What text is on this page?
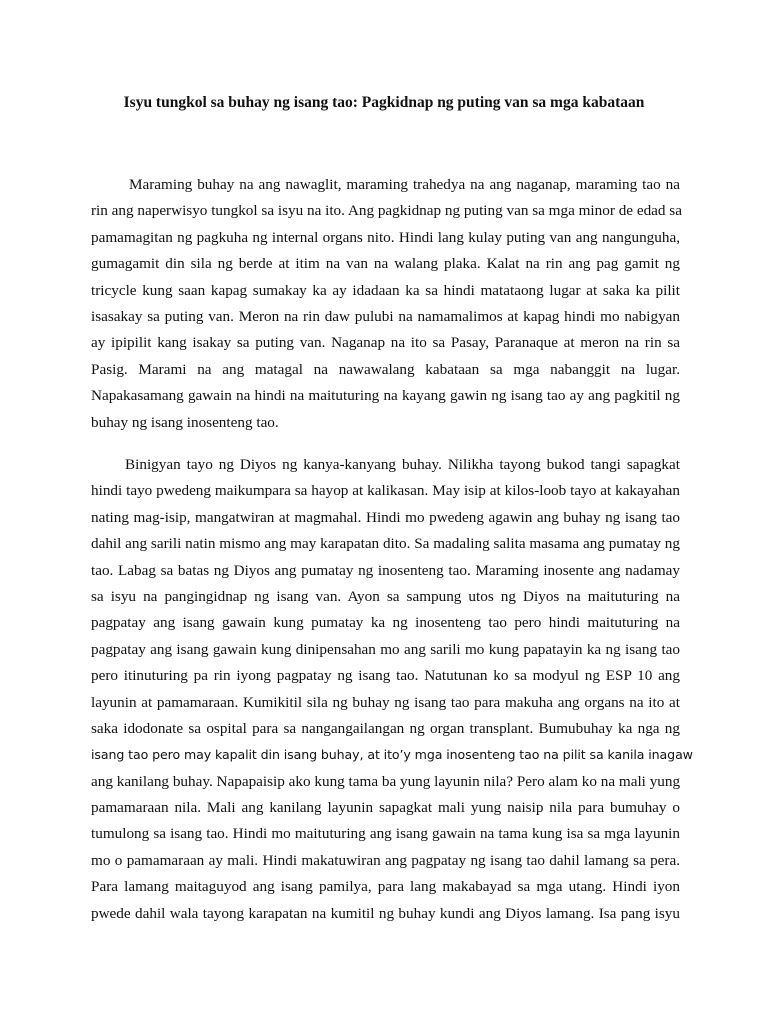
Isyu tungkol sa buhay ng isang tao: Pagkidnap ng puting van sa mga kabataan
Maraming buhay na ang nawaglit, maraming trahedya na ang naganap, maraming tao na
rin ang naperwisyo tungkol sa isyu na ito. Ang pagkidnap ng puting van sa mga minor de edad sa
pamamagitan ng pagkuha ng internal organs nito. Hindi lang kulay puting van ang nangunguha,
gumagamit din sila ng berde at itim na van na walang plaka. Kalat na rin ang pag gamit ng
tricycle kung saan kapag sumakay ka ay idadaan ka sa hindi matataong lugar at saka ka pilit
isasakay sa puting van. Meron na rin daw pulubi na namamalimos at kapag hindi mo nabigyan
ay ipipilit kang isakay sa puting van. Naganap na ito sa Pasay, Paranaque at meron na rin sa
Pasig. Marami na ang matagal na nawawalang kabataan sa mga nabanggit na lugar.
Napakasamang gawain na hindi na maituturing na kayang gawin ng isang tao ay ang pagkitil ng
buhay ng isang inosenteng tao.
Binigyan tayo ng Diyos ng kanya-kanyang buhay. Nilikha tayong bukod tangi sapagkat
hindi tayo pwedeng maikumpara sa hayop at kalikasan. May isip at kilos-loob tayo at kakayahan
nating mag-isip, mangatwiran at magmahal. Hindi mo pwedeng agawin ang buhay ng isang tao
dahil ang sarili natin mismo ang may karapatan dito. Sa madaling salita masama ang pumatay ng
tao. Labag sa batas ng Diyos ang pumatay ng inosenteng tao. Maraming inosente ang nadamay
sa isyu na pangingidnap ng isang van. Ayon sa sampung utos ng Diyos na maituturing na
pagpatay ang isang gawain kung pumatay ka ng inosenteng tao pero hindi maituturing na
pagpatay ang isang gawain kung dinipensahan mo ang sarili mo kung papatayin ka ng isang tao
pero itinuturing pa rin iyong pagpatay ng isang tao. Natutunan ko sa modyul ng ESP 10 ang
layunin at pamamaraan. Kumikitil sila ng buhay ng isang tao para makuha ang organs na ito at
saka idodonate sa ospital para sa nangangailangan ng organ transplant. Bumubuhay ka nga ng
isang tao pero may kapalit din isang buhay, at ito’y mga inosenteng tao na pilit sa kanila inagaw
ang kanilang buhay. Napapaisip ako kung tama ba yung layunin nila? Pero alam ko na mali yung
pamamaraan nila. Mali ang kanilang layunin sapagkat mali yung naisip nila para bumuhay o
tumulong sa isang tao. Hindi mo maituturing ang isang gawain na tama kung isa sa mga layunin
mo o pamamaraan ay mali. Hindi makatuwiran ang pagpatay ng isang tao dahil lamang sa pera.
Para lamang maitaguyod ang isang pamilya, para lang makabayad sa mga utang. Hindi iyon
pwede dahil wala tayong karapatan na kumitil ng buhay kundi ang Diyos lamang. Isa pang isyu
